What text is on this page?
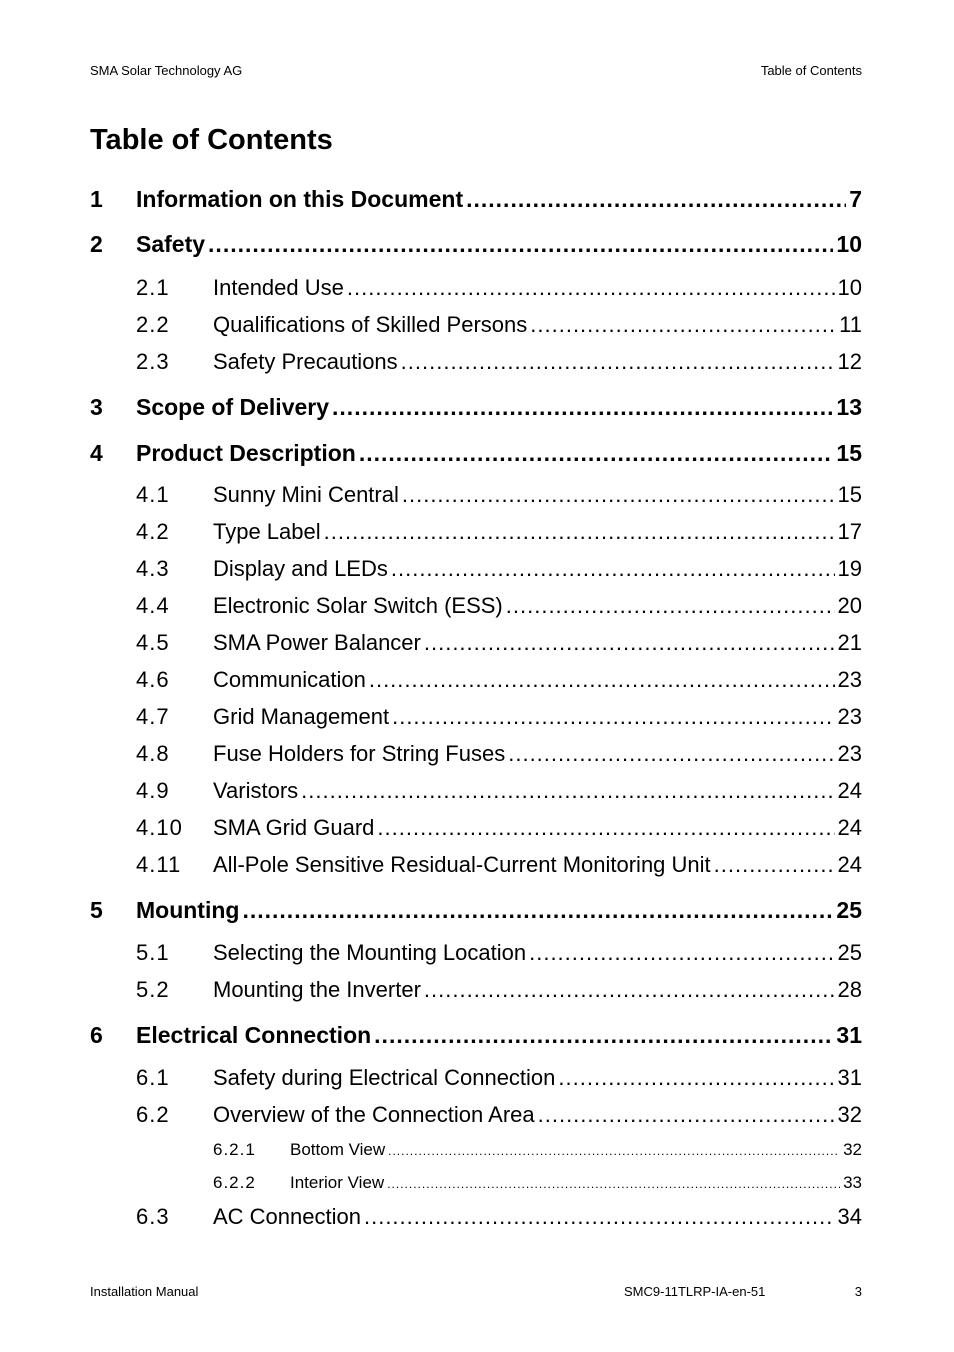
SMA Solar Technology AG	Table of Contents
Table of Contents
1	Information on this Document .....	7
2	Safety .....	10
2.1	Intended Use .....	10
2.2	Qualifications of Skilled Persons .....	11
2.3	Safety Precautions .....	12
3	Scope of Delivery .....	13
4	Product Description .....	15
4.1	Sunny Mini Central .....	15
4.2	Type Label .....	17
4.3	Display and LEDs .....	19
4.4	Electronic Solar Switch (ESS) .....	20
4.5	SMA Power Balancer .....	21
4.6	Communication .....	23
4.7	Grid Management .....	23
4.8	Fuse Holders for String Fuses .....	23
4.9	Varistors .....	24
4.10	SMA Grid Guard .....	24
4.11	All-Pole Sensitive Residual-Current Monitoring Unit .....	24
5	Mounting .....	25
5.1	Selecting the Mounting Location .....	25
5.2	Mounting the Inverter .....	28
6	Electrical Connection .....	31
6.1	Safety during Electrical Connection .....	31
6.2	Overview of the Connection Area .....	32
6.2.1	Bottom View .....	32
6.2.2	Interior View .....	33
6.3	AC Connection .....	34
Installation Manual	SMC9-11TLRP-IA-en-51	3
